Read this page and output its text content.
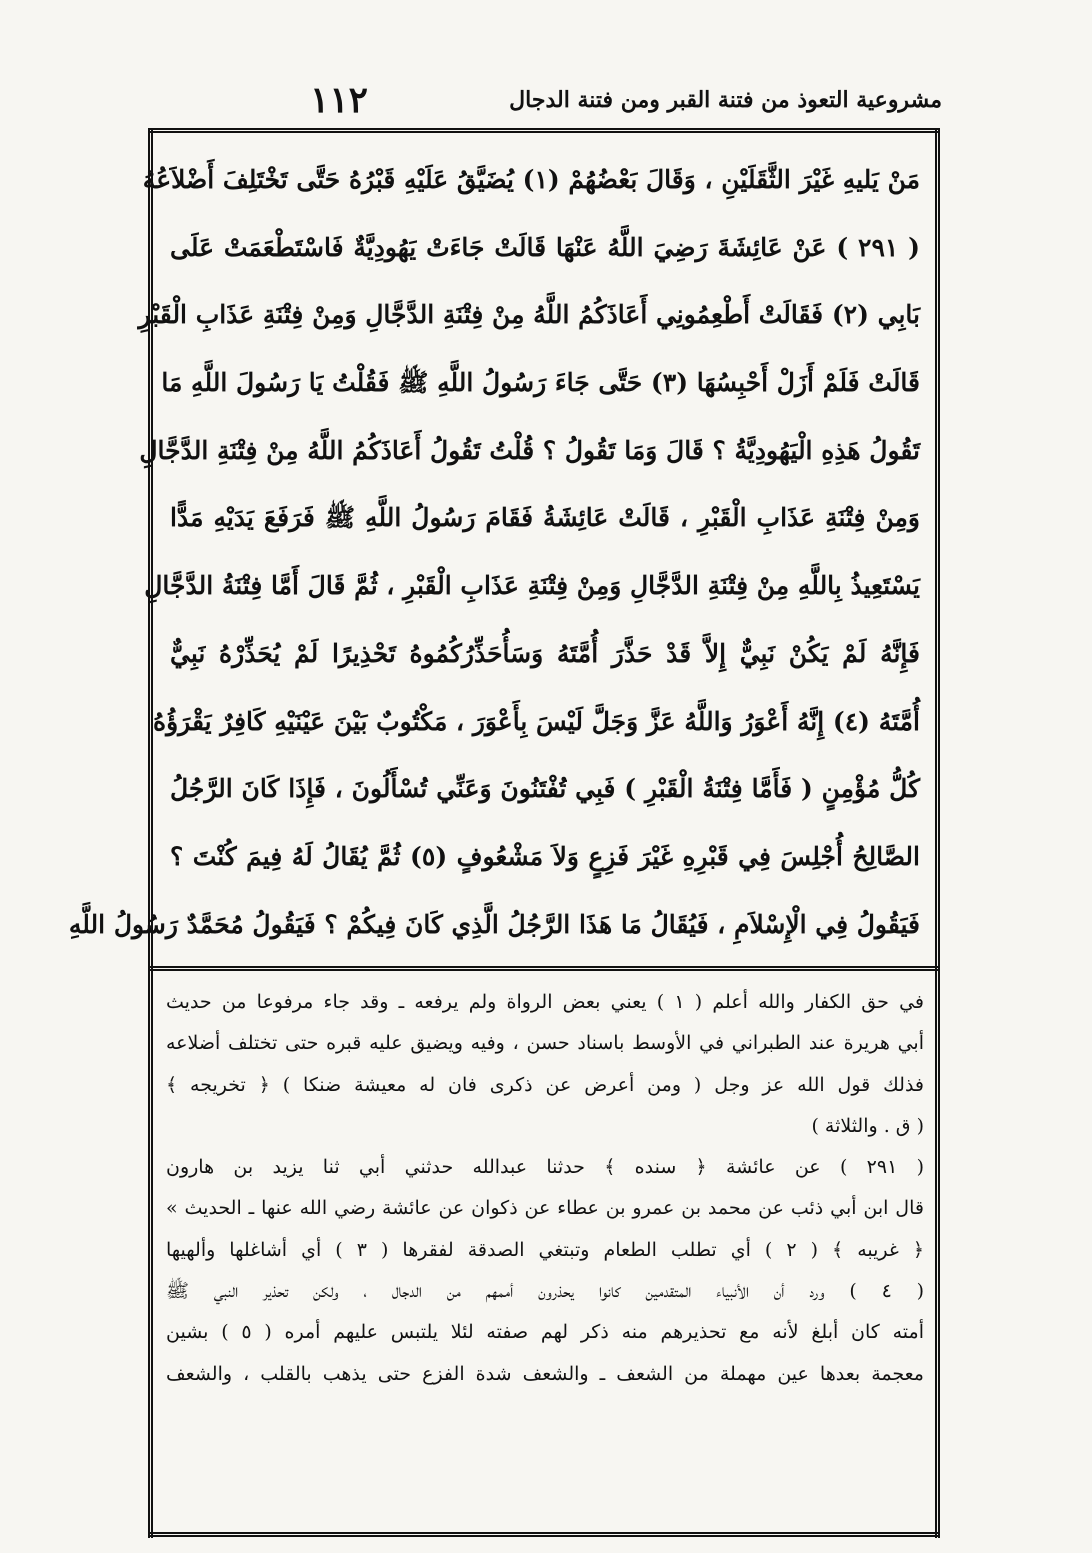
١١٢	مشروعية التعوذ من فتنة القبر ومن فتنة الدجال
مَنْ يَليهِ غَيْرَ الثَّقَلَيْنِ ، وَقَالَ بَعْضُهُمْ (١) يُضَيَّقُ عَلَيْهِ قَبْرُهُ حَتَّى تَخْتَلِفَ أَضْلاَعُهُ
( ٢٩١ ) عَنْ عَائِشَةَ رَضِيَ اللَّهُ عَنْهَا قَالَتْ جَاءَتْ يَهُودِيَّةٌ فَاسْتَطْعَمَتْ عَلَى
بَابِي (٢) فَقَالَتْ أَطْعِمُونِي أَعَاذَكُمُ اللَّهُ مِنْ فِتْنَةِ الدَّجَّالِ وَمِنْ فِتْنَةِ عَذَابِ الْقَبْرِ
قَالَتْ فَلَمْ أَزَلْ أَحْبِسُهَا (٣) حَتَّى جَاءَ رَسُولُ اللَّهِ ﷺ فَقُلْتُ يَا رَسُولَ اللَّهِ مَا
تَقُولُ هَذِهِ الْيَهُودِيَّةُ ؟ قَالَ وَمَا تَقُولُ ؟ قُلْتُ تَقُولُ أَعَاذَكُمُ اللَّهُ مِنْ فِتْنَةِ الدَّجَّالِ
وَمِنْ فِتْنَةِ عَذَابِ الْقَبْرِ ، قَالَتْ عَائِشَةُ فَقَامَ رَسُولُ اللَّهِ ﷺ فَرَفَعَ يَدَيْهِ مَدًّا
يَسْتَعِيذُ بِاللَّهِ مِنْ فِتْنَةِ الدَّجَّالِ وَمِنْ فِتْنَةِ عَذَابِ الْقَبْرِ ، ثُمَّ قَالَ أَمَّا فِتْنَةُ الدَّجَّالِ
فَإِنَّهُ لَمْ يَكُنْ نَبِيٌّ إِلاَّ قَدْ حَذَّرَ أُمَّتَهُ وَسَأُحَذِّرُكُمُوهُ تَحْذِيرًا لَمْ يُحَذِّرْهُ نَبِيٌّ
أُمَّتَهُ (٤) إِنَّهُ أَعْوَرُ وَاللَّهُ عَزَّ وَجَلَّ لَيْسَ بِأَعْوَرَ ، مَكْتُوبٌ بَيْنَ عَيْنَيْهِ كَافِرٌ يَقْرَؤُهُ
كُلُّ مُؤْمِنٍ ( فَأَمَّا فِتْنَةُ الْقَبْرِ ) فَبِي تُفْتَنُونَ وَعَنِّي تُسْأَلُونَ ، فَإِذَا كَانَ الرَّجُلُ
الصَّالِحُ أُجْلِسَ فِي قَبْرِهِ غَيْرَ فَزِعٍ وَلاَ مَشْعُوفٍ (٥) ثُمَّ يُقَالُ لَهُ فِيمَ كُنْتَ ؟
فَيَقُولُ فِي الْإِسْلاَمِ ، فَيُقَالُ مَا هَذَا الرَّجُلُ الَّذِي كَانَ فِيكُمْ ؟ فَيَقُولُ مُحَمَّدٌ رَسُولُ اللَّهِ
في حق الكفار والله أعلم ( ١ ) يعني بعض الرواة ولم يرفعه ـ وقد جاء مرفوعا من حديث
أبي هريرة عند الطبراني في الأوسط باسناد حسن ، وفيه ويضيق عليه قبره حتى تختلف أضلاعه
فذلك قول الله عز وجل ( ومن أعرض عن ذكرى فان له معيشة ضنكا ) ﴿ تخريجه ﴾
( ق . والثلاثة )
( ٢٩١ ) عن عائشة ﴿ سنده ﴾ حدثنا عبدالله حدثني أبي ثنا يزيد بن هارون
قال ابن أبي ذئب عن محمد بن عمرو بن عطاء عن ذكوان عن عائشة رضي الله عنها ـ الحديث »
﴿ غريبه ﴾ ( ٢ ) أي تطلب الطعام وتبتغي الصدقة لفقرها ( ٣ ) أي أشاغلها وألهيها
( ٤ ) ورد أن الأنبياء المتقدمين كانوا يحذرون أممهم من الدجال ، ولكن تحذير النبي ﷺ
أمته كان أبلغ لأنه مع تحذيرهم منه ذكر لهم صفته لئلا يلتبس عليهم أمره ( ٥ ) بشين
معجمة بعدها عين مهملة من الشعف ـ والشعف شدة الفزع حتى يذهب بالقلب ، والشعف
